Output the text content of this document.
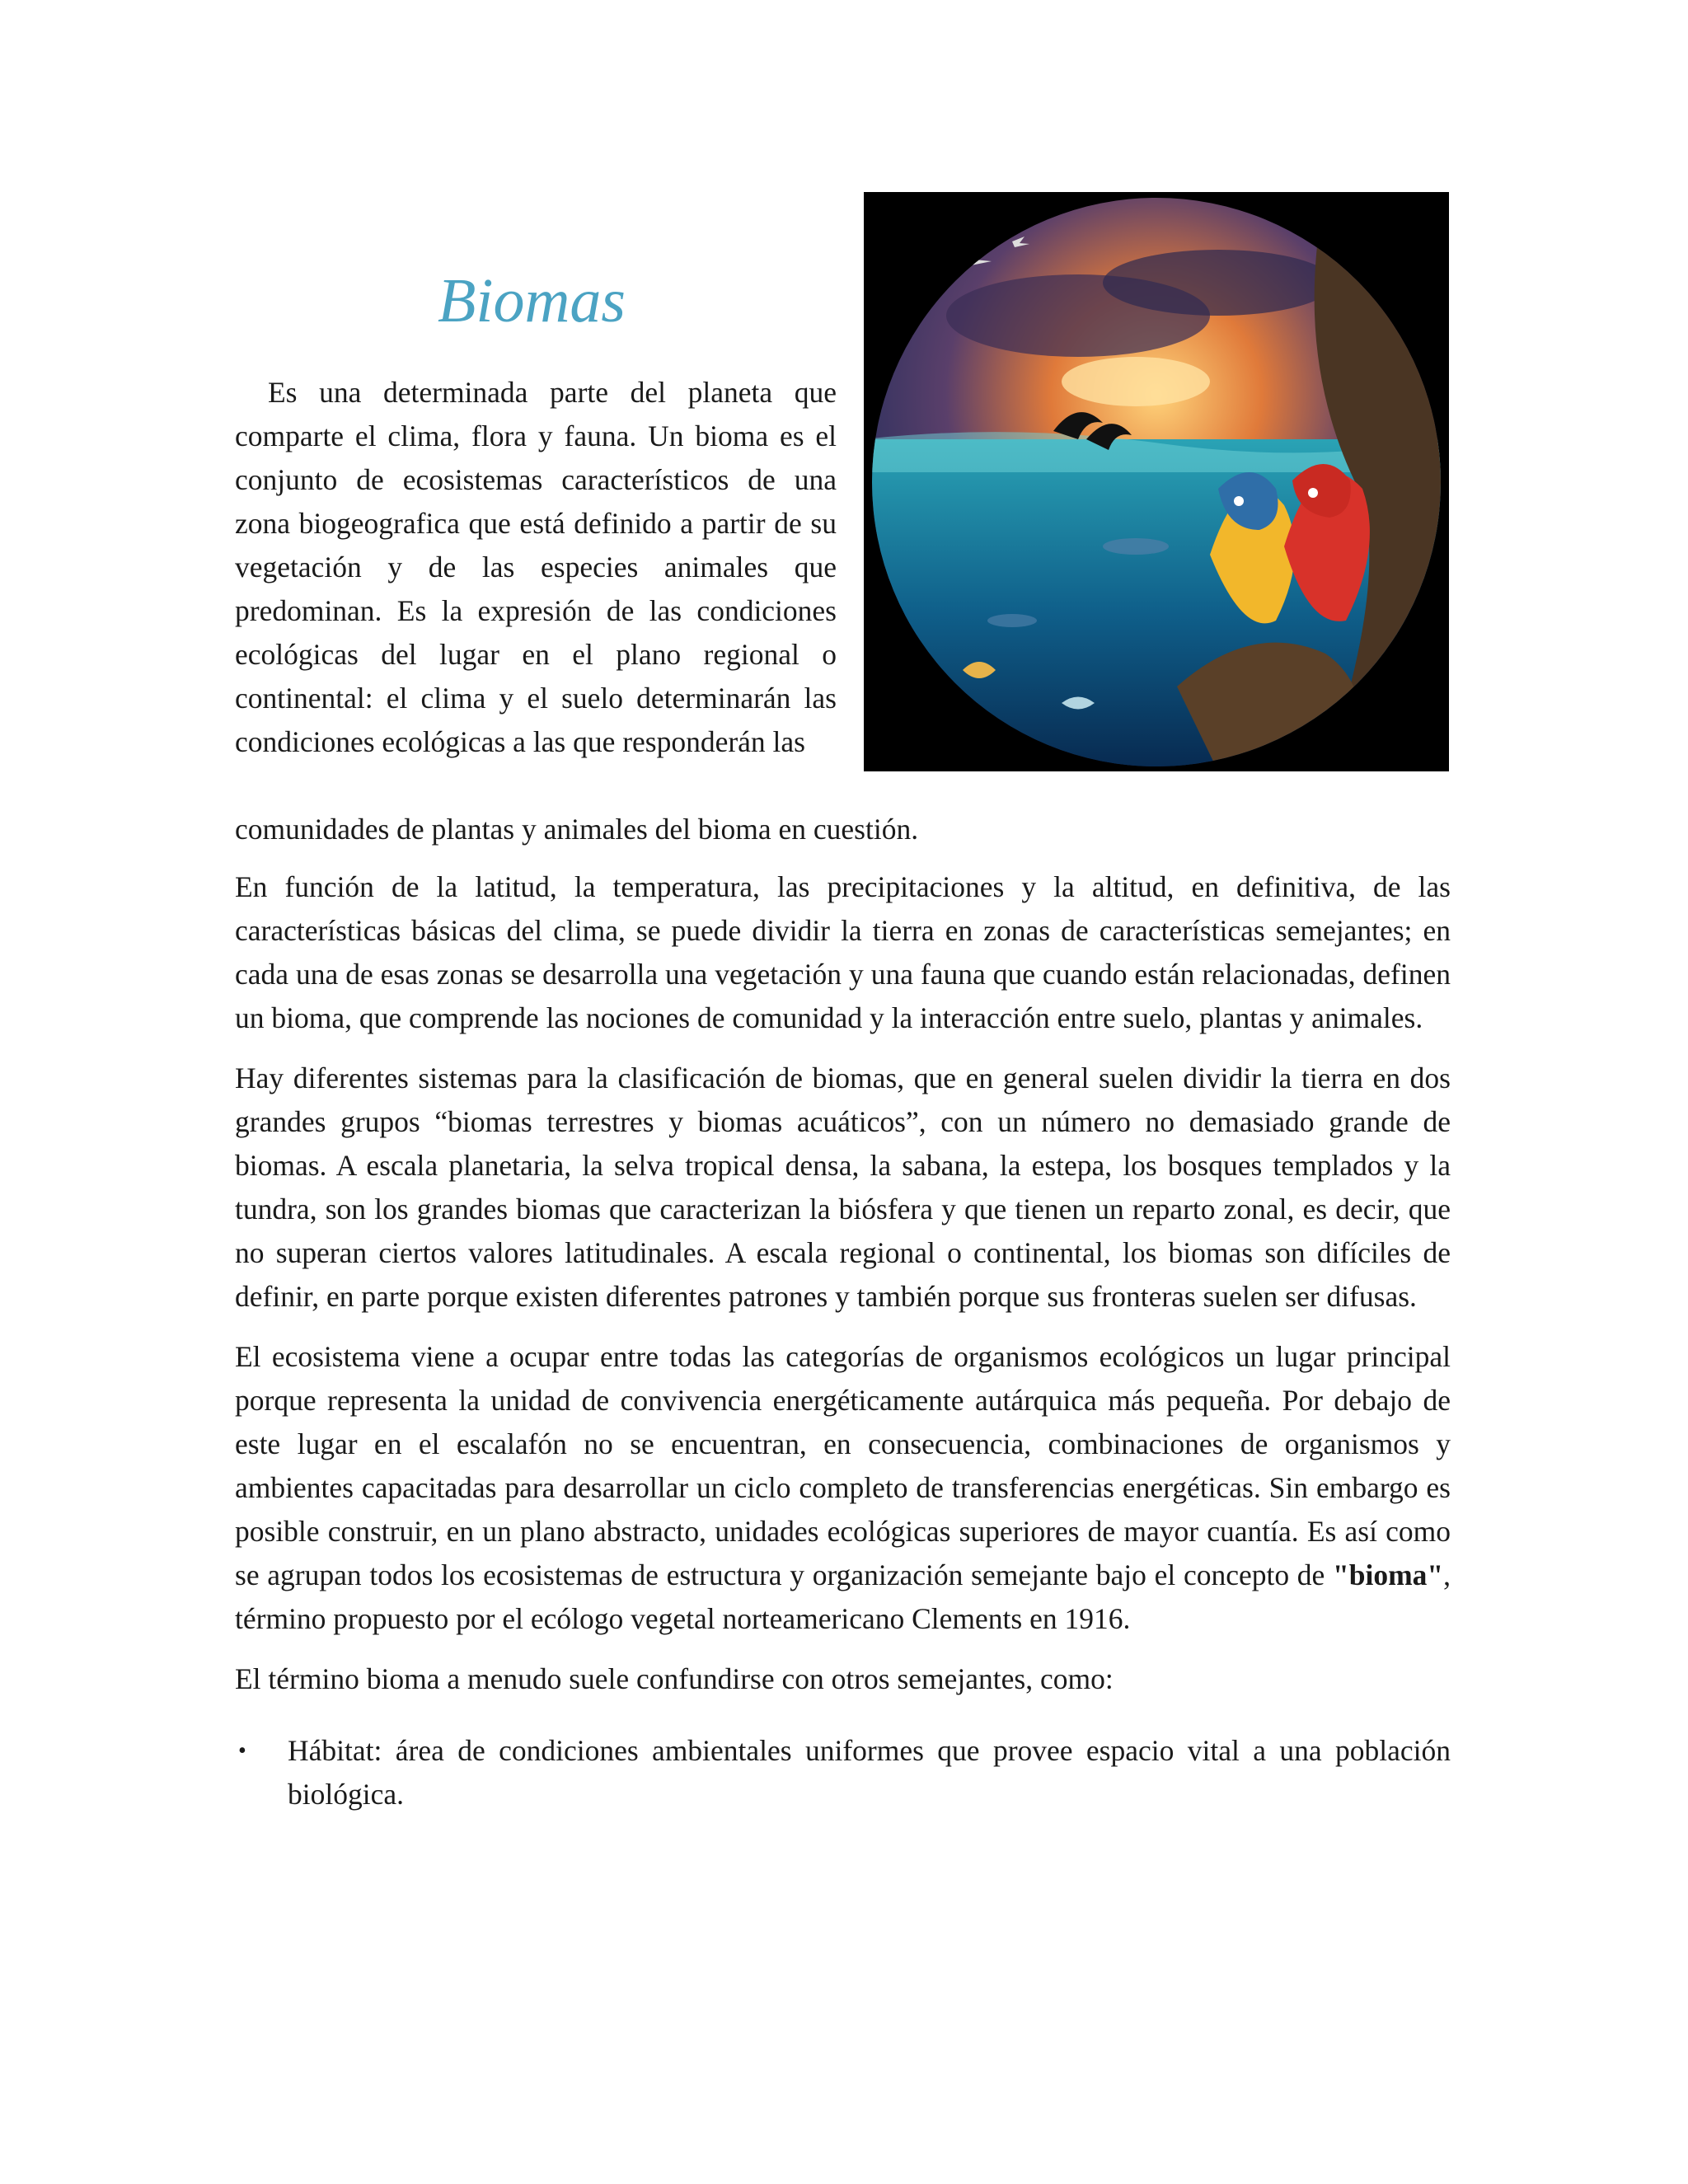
Biomas

Es una determinada parte del planeta que comparte el clima, flora y fauna. Un bioma es el conjunto de ecosistemas característicos de una zona biogeografica que está definido a partir de su vegetación y de las especies animales que predominan. Es la expresión de las condiciones ecológicas del lugar en el plano regional o continental: el clima y el suelo determinarán las condiciones ecológicas a las que responderán las

comunidades de plantas y animales del bioma en cuestión.

En función de la latitud, la temperatura, las precipitaciones y la altitud, en definitiva, de las características básicas del clima, se puede dividir la tierra en zonas de características semejantes; en cada una de esas zonas se desarrolla una vegetación y una fauna que cuando están relacionadas, definen un bioma, que comprende las nociones de comunidad y la interacción entre suelo, plantas y animales.

Hay diferentes sistemas para la clasificación de biomas, que en general suelen dividir la tierra en dos grandes grupos “biomas terrestres y biomas acuáticos”, con un número no demasiado grande de biomas. A escala planetaria, la selva tropical densa, la sabana, la estepa, los bosques templados y la tundra, son los grandes biomas que caracterizan la biósfera y que tienen un reparto zonal, es decir, que no superan ciertos valores latitudinales. A escala regional o continental, los biomas son difíciles de definir, en parte porque existen diferentes patrones y también porque sus fronteras suelen ser difusas.

El ecosistema viene a ocupar entre todas las categorías de organismos ecológicos un lugar principal porque representa la unidad de convivencia energéticamente autárquica más pequeña. Por debajo de este lugar en el escalafón no se encuentran, en consecuencia, combinaciones de organismos y ambientes capacitadas para desarrollar un ciclo completo de transferencias energéticas. Sin embargo es posible construir, en un plano abstracto, unidades ecológicas superiores de mayor cuantía. Es así como se agrupan todos los ecosistemas de estructura y organización semejante bajo el concepto de "bioma", término propuesto por el ecólogo vegetal norteamericano Clements en 1916.

El término bioma a menudo suele confundirse con otros semejantes, como:

• Hábitat: área de condiciones ambientales uniformes que provee espacio vital a una población biológica.
